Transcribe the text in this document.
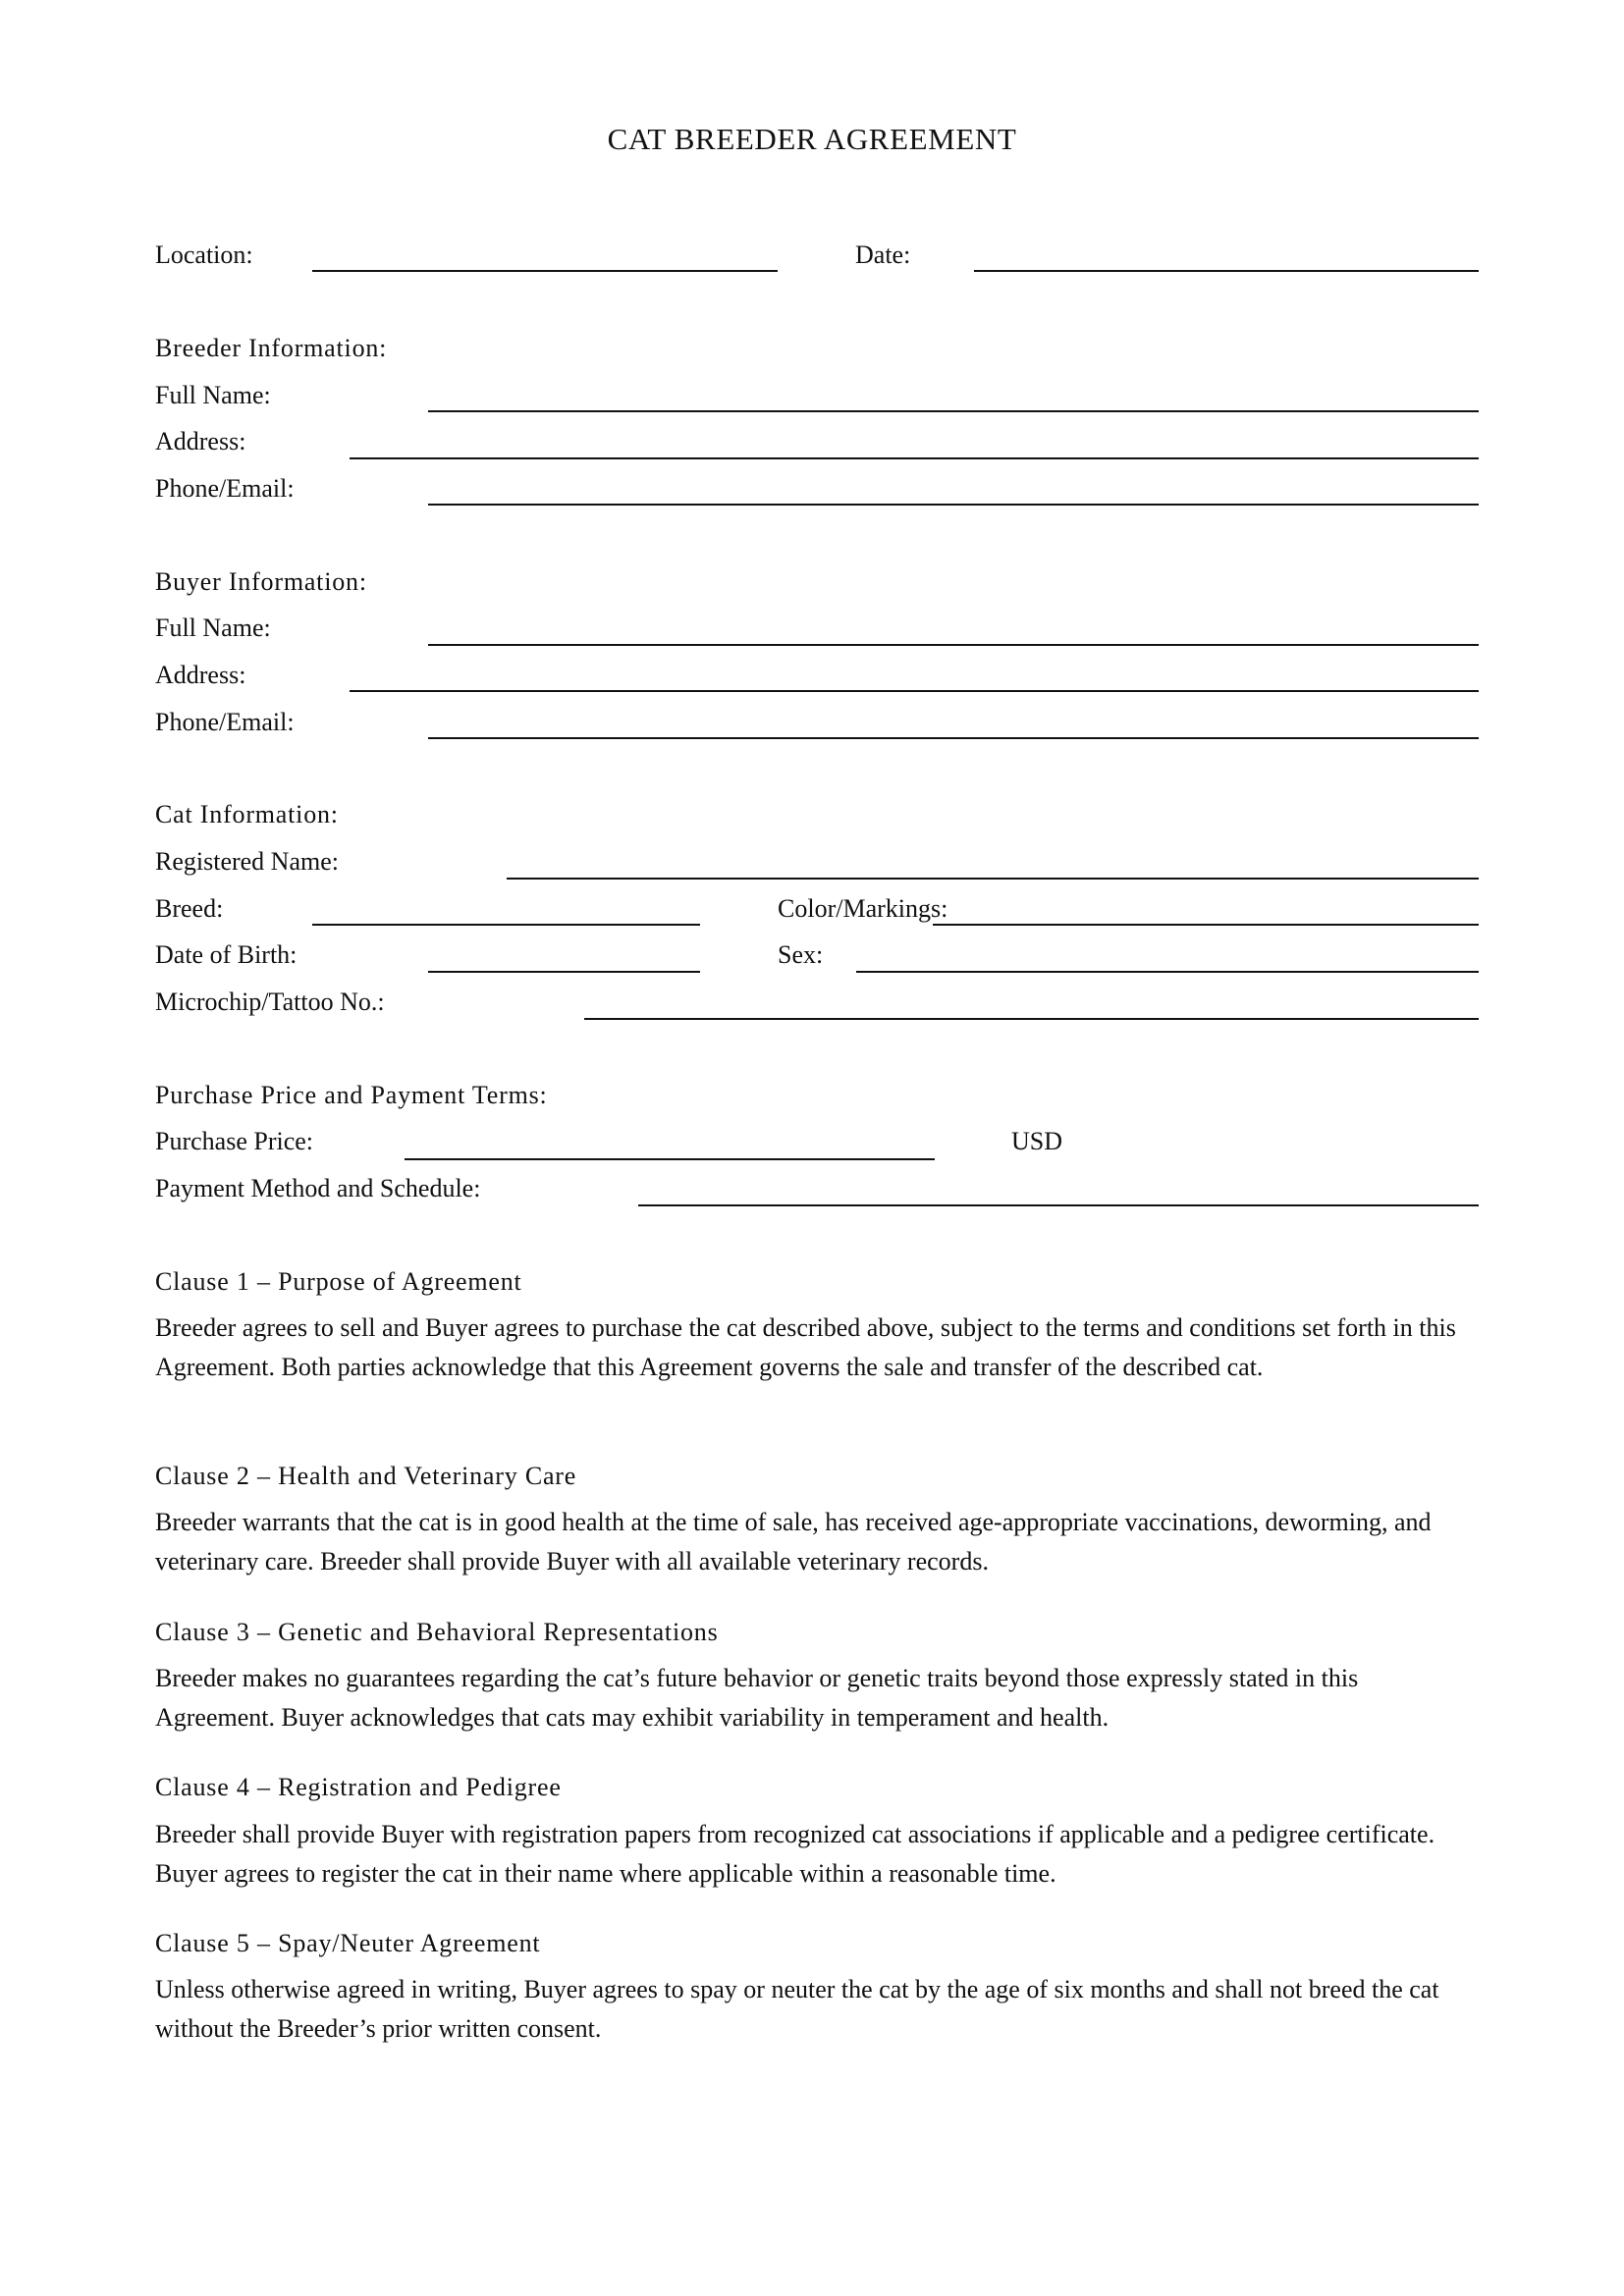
CAT BREEDER AGREEMENT
Location:	Date:
Breeder Information:
Full Name:
Address:
Phone/Email:
Buyer Information:
Full Name:
Address:
Phone/Email:
Cat Information:
Registered Name:
Breed:	Color/Markings:
Date of Birth:	Sex:
Microchip/Tattoo No.:
Purchase Price and Payment Terms:
Purchase Price:	USD
Payment Method and Schedule:
Clause 1 – Purpose of Agreement

Breeder agrees to sell and Buyer agrees to purchase the cat described above, subject to the terms and conditions set forth in this Agreement. Both parties acknowledge that this Agreement governs the sale and transfer of the described cat.

Clause 2 – Health and Veterinary Care

Breeder warrants that the cat is in good health at the time of sale, has received age-appropriate vaccinations, deworming, and veterinary care. Breeder shall provide Buyer with all available veterinary records.

Clause 3 – Genetic and Behavioral Representations

Breeder makes no guarantees regarding the cat’s future behavior or genetic traits beyond those expressly stated in this Agreement. Buyer acknowledges that cats may exhibit variability in temperament and health.

Clause 4 – Registration and Pedigree

Breeder shall provide Buyer with registration papers from recognized cat associations if applicable and a pedigree certificate. Buyer agrees to register the cat in their name where applicable within a reasonable time.

Clause 5 – Spay/Neuter Agreement

Unless otherwise agreed in writing, Buyer agrees to spay or neuter the cat by the age of six months and shall not breed the cat without the Breeder’s prior written consent.
